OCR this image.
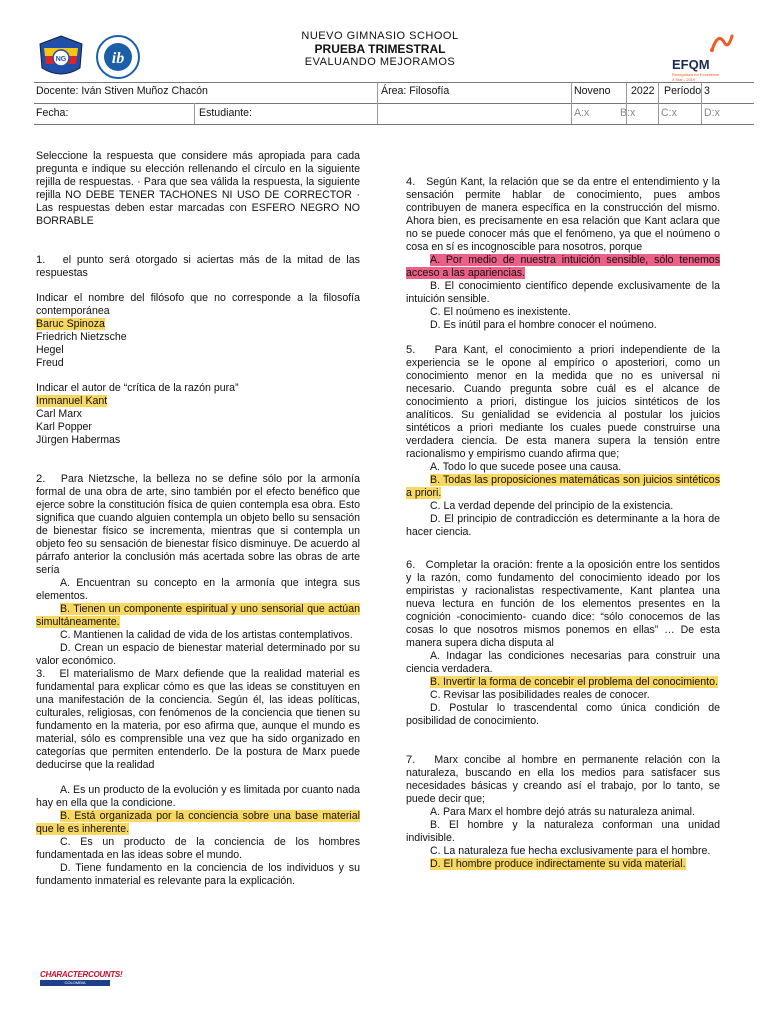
NG	ib
NUEVO GIMNASIO SCHOOL
PRUEBA TRIMESTRAL
EVALUANDO MEJORAMOS	EFQM
Recognised for Excellence
3 Star - 2019
Docente: Iván Stiven Muñoz Chacón	Área: Filosofía	Noveno 2022 Período 3
Fecha:	Estudiante:	A:x	B:x C:x	D:x

Seleccione la respuesta que considere más apropiada para cada pregunta e indique su elección rellenando el círculo en la siguiente rejilla de respuestas. · Para que sea válida la respuesta, la siguiente rejilla NO DEBE TENER TACHONES NI USO DE CORRECTOR · Las respuestas deben estar marcadas con ESFERO NEGRO NO BORRABLE

1. el punto será otorgado si aciertas más de la mitad de las respuestas

Indicar el nombre del filósofo que no corresponde a la filosofía contemporánea

Baruc Spinoza

Friedrich Nietzsche

Hegel

Freud

Indicar el autor de “crítica de la razón pura”

Immanuel Kant

Carl Marx

Karl Popper

Jürgen Habermas

2. Para Nietzsche, la belleza no se define sólo por la armonía formal de una obra de arte, sino también por el efecto benéfico que ejerce sobre la constitución física de quien contempla esa obra. Esto significa que cuando alguien contempla un objeto bello su sensación de bienestar físico se incrementa, mientras que si contempla un objeto feo su sensación de bienestar físico disminuye. De acuerdo al párrafo anterior la conclusión más acertada sobre las obras de arte sería

A. Encuentran su concepto en la armonía que integra sus elementos.

B. Tienen un componente espiritual y uno sensorial que actúan simultáneamente.

C. Mantienen la calidad de vida de los artistas contemplativos.

D. Crean un espacio de bienestar material determinado por su valor económico.

3. El materialismo de Marx defiende que la realidad material es fundamental para explicar cómo es que las ideas se constituyen en una manifestación de la conciencia. Según él, las ideas políticas, culturales, religiosas, con fenómenos de la conciencia que tienen su fundamento en la materia, por eso afirma que, aunque el mundo es material, sólo es comprensible una vez que ha sido organizado en categorías que permiten entenderlo. De la postura de Marx puede deducirse que la realidad

A. Es un producto de la evolución y es limitada por cuanto nada hay en ella que la condicione.

B. Está organizada por la conciencia sobre una base material que le es inherente.

C. Es un producto de la conciencia de los hombres fundamentada en las ideas sobre el mundo.

D. Tiene fundamento en la conciencia de los individuos y su fundamento inmaterial es relevante para la explicación.

4. Según Kant, la relación que se da entre el entendimiento y la sensación permite hablar de conocimiento, pues ambos contribuyen de manera específica en la construcción del mismo. Ahora bien, es precisamente en esa relación que Kant aclara que no se puede conocer más que el fenómeno, ya que el noúmeno o cosa en sí es incognoscible para nosotros, porque

A. Por medio de nuestra intuición sensible, sólo tenemos acceso a las apariencias.

B. El conocimiento científico depende exclusivamente de la intuición sensible.

C. El noúmeno es inexistente.

D. Es inútil para el hombre conocer el noúmeno.

5. Para Kant, el conocimiento a priori independiente de la experiencia se le opone al empírico o aposteriori, como un conocimiento menor en la medida que no es universal ni necesario. Cuando pregunta sobre cuál es el alcance de conocimiento a priori, distingue los juicios sintéticos de los analíticos. Su genialidad se evidencia al postular los juicios sintéticos a priori mediante los cuales puede construirse una verdadera ciencia. De esta manera supera la tensión entre racionalismo y empirismo cuando afirma que;

A. Todo lo que sucede posee una causa.

B. Todas las proposiciones matemáticas son juicios sintéticos a priori.

C. La verdad depende del principio de la existencia.

D. El principio de contradicción es determinante a la hora de hacer ciencia.

6. Completar la oración: frente a la oposición entre los sentidos y la razón, como fundamento del conocimiento ideado por los empiristas y racionalistas respectivamente, Kant plantea una nueva lectura en función de los elementos presentes en la cognición -conocimiento- cuando dice: “sólo conocemos de las cosas lo que nosotros mismos ponemos en ellas” … De esta manera supera dicha disputa al

A. Indagar las condiciones necesarias para construir una ciencia verdadera.

B. Invertir la forma de concebir el problema del conocimiento.

C. Revisar las posibilidades reales de conocer.

D. Postular lo trascendental como única condición de posibilidad de conocimiento.

7. Marx concibe al hombre en permanente relación con la naturaleza, buscando en ella los medios para satisfacer sus necesidades básicas y creando así el trabajo, por lo tanto, se puede decir que;

A. Para Marx el hombre dejó atrás su naturaleza animal.

B. El hombre y la naturaleza conforman una unidad indivisible.

C. La naturaleza fue hecha exclusivamente para el hombre.

D. El hombre produce indirectamente su vida material.

CHARACTERCOUNTS!
COLOMBIA
